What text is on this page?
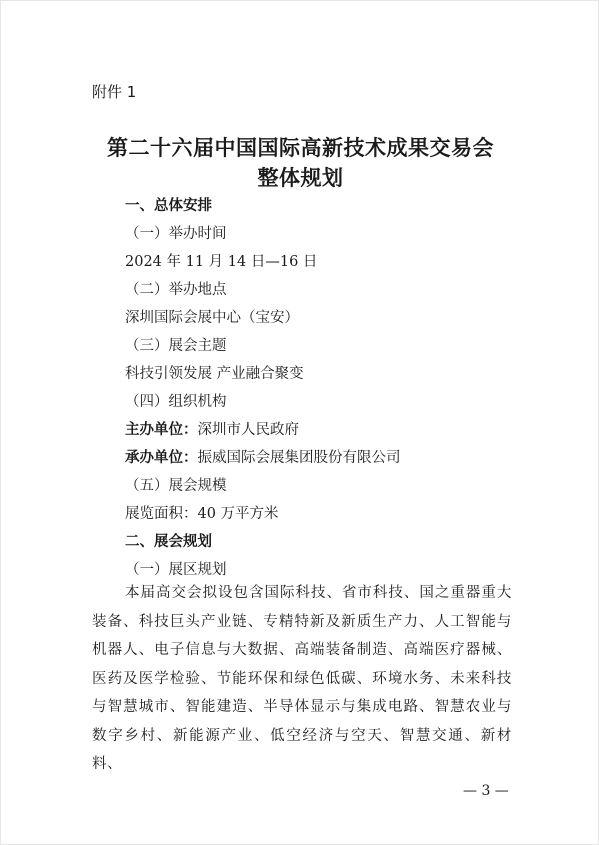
附件 1
第二十六届中国国际高新技术成果交易会
整体规划
一、总体安排
（一）举办时间
2024 年 11 月 14 日—16 日
（二）举办地点
深圳国际会展中心（宝安）
（三）展会主题
科技引领发展 产业融合聚变
（四）组织机构
主办单位：深圳市人民政府
承办单位：振威国际会展集团股份有限公司
（五）展会规模
展览面积：40 万平方米
二、展会规划
（一）展区规划
本届高交会拟设包含国际科技、省市科技、国之重器重大装备、科技巨头产业链、专精特新及新质生产力、人工智能与机器人、电子信息与大数据、高端装备制造、高端医疗器械、医药及医学检验、节能环保和绿色低碳、环境水务、未来科技与智慧城市、智能建造、半导体显示与集成电路、智慧农业与数字乡村、新能源产业、低空经济与空天、智慧交通、新材料、
— 3 —
